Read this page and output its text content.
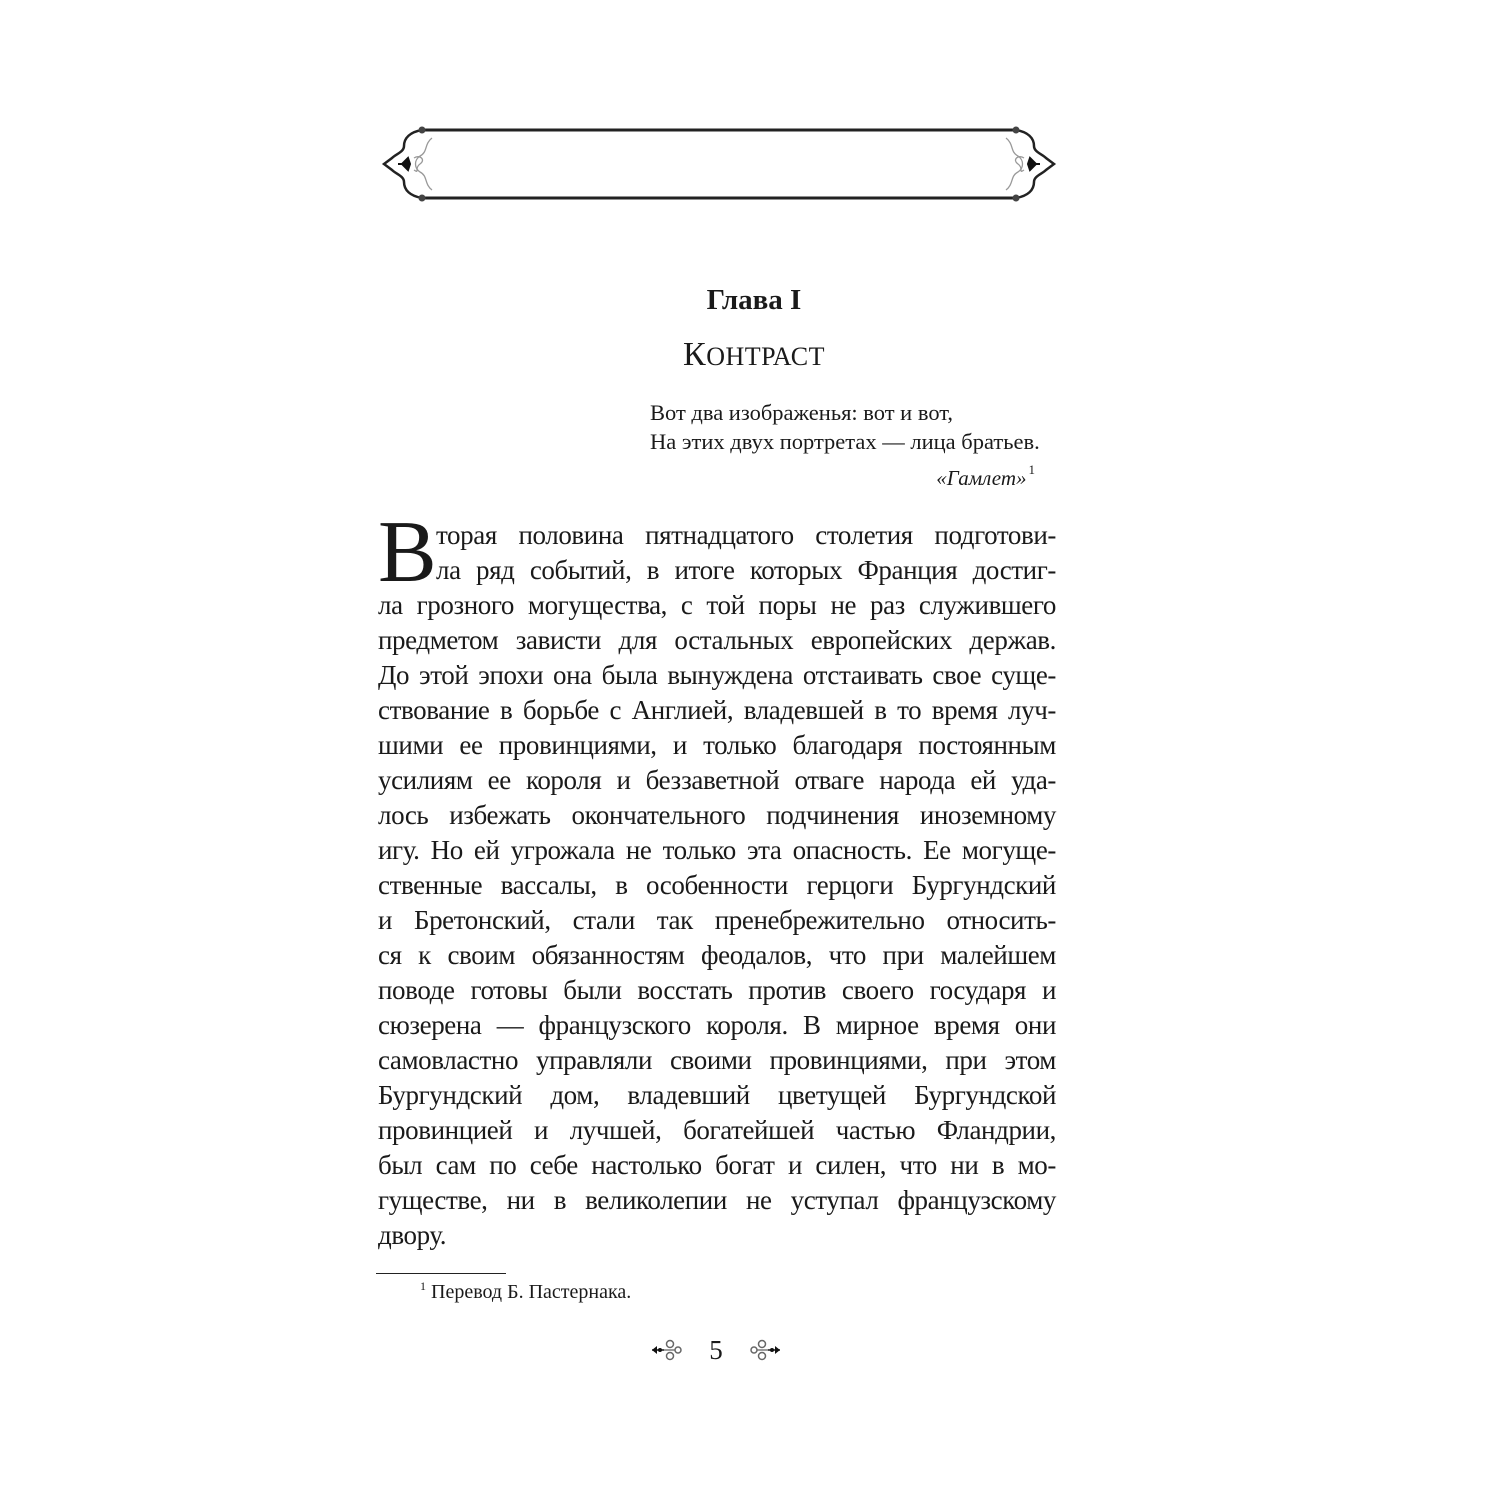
Глава I
КОНТРАСТ
Вот два изображенья: вот и вот,
На этих двух портретах — лица братьев.
«Гамлет» $^1$
В торая половина пятнадцатого столетия подготови-
ла ряд событий, в итоге которых Франция достиг-
ла грозного могущества, с той поры не раз служившего
предметом зависти для остальных европейских держав.
До этой эпохи она была вынуждена отстаивать свое суще-
ствование в борьбе с Англией, владевшей в то время луч-
шими ее провинциями, и только благодаря постоянным
усилиям ее короля и беззаветной отваге народа ей уда-
лось избежать окончательного подчинения иноземному
игу. Но ей угрожала не только эта опасность. Ее могуще-
ственные вассалы, в особенности герцоги Бургундский
и Бретонский, стали так пренебрежительно относить-
ся к своим обязанностям феодалов, что при малейшем
поводе готовы были восстать против своего государя и
сюзерена — французского короля. В мирное время они
самовластно управляли своими провинциями, при этом
Бургундский дом, владевший цветущей Бургундской
провинцией и лучшей, богатейшей частью Фландрии,
был сам по себе настолько богат и силен, что ни в мо-
гуществе, ни в великолепии не уступал французскому
двору.
$^1$ Перевод Б. Пастернака.
5
